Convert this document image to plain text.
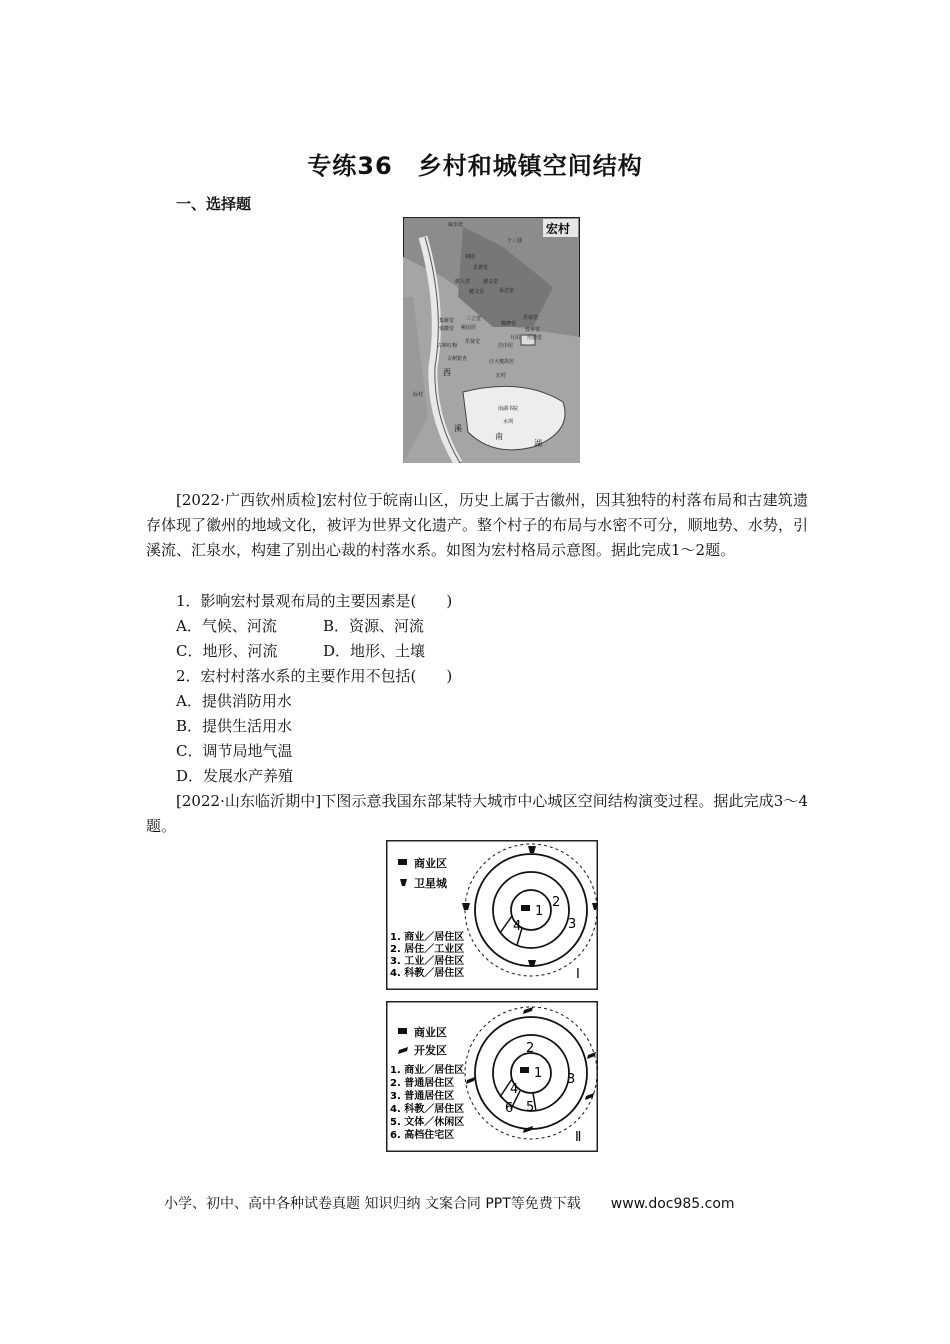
专练36　乡村和城镇空间结构
一、选择题
宏村
取水处
十三巷
祠园
乐善堂
树人堂	德义堂
德文堂	承志堂
乐叙堂
敬修堂
三立堂
集雁堂
慎徽堂 桃园居	敦本堂
月沼 培德堂
乐贤堂
古树红梅	昌中居
古树银杏	汪大燮故居
宏村
际村
南湖书院
水圳
西
溪
南
湖
[2022·广西钦州质检]宏村位于皖南山区，历史上属于古徽州，因其独特的村落布局和古建筑遗存体现了徽州的地域文化，被评为世界文化遗产。整个村子的布局与水密不可分，顺地势、水势，引溪流、汇泉水，构建了别出心裁的村落水系。如图为宏村格局示意图。据此完成1～2题。
1．影响宏村景观布局的主要因素是(　　)
A．气候、河流	B．资源、河流
C．地形、河流	D．地形、土壤
2．宏村村落水系的主要作用不包括(　　)
A．提供消防用水
B．提供生活用水
C．调节局地气温
D．发展水产养殖
[2022·山东临沂期中]下图示意我国东部某特大城市中心城区空间结构演变过程。据此完成3～4题。
1
2
3
4
Ⅰ
商业区
卫星城
1. 商业／居住区
2. 居住／工业区
3. 工业／居住区
4. 科教／居住区
1
2
3
4
5
6
Ⅱ
商业区
开发区
1. 商业／居住区
2. 普通居住区
3. 普通居住区
4. 科教／居住区
5. 文体／休闲区
6. 高档住宅区
小学、初中、高中各种试卷真题 知识归纳 文案合同 PPT等免费下载 www.doc985.com
